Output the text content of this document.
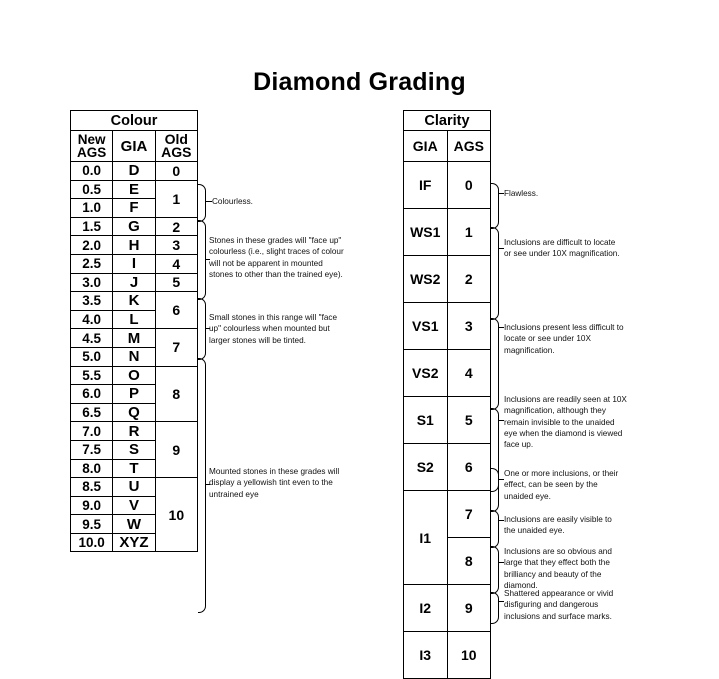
Diamond Grading
Colour		

New
AGS	GIA	Old
AGS

0.0	D	0
0.5	E	1
1.0	F	
1.5	G	2
2.0	H	3
2.5	I	4
3.0	J	5
3.5	K	6
4.0	L	
4.5	M	7
5.0	N	
5.5	O	8
6.0	P	
6.5	Q	
7.0	R	9
7.5	S	
8.0	T	
8.5	U	10
9.0	V	
9.5	W	
10.0	XYZ	
Colourless.
Stones in these grades will "face up" colourless (i.e., slight traces of colour will not be apparent in mounted stones to other than the trained eye).
Small stones in this range will "face up" colourless when mounted but larger stones will be tinted.
Mounted stones in these grades will display a yellowish tint even to the untrained eye
Clarity	
GIA	AGS
IF	0
WS1	1
WS2	2
VS1	3
VS2	4
S1	5
S2	6
I1	7
	8
I2	9
I3	10
Flawless.
Inclusions are difficult to locate or see under 10X magnification.
Inclusions present less difficult to locate or see under 10X magnification.
Inclusions are readily seen at 10X magnification, although they remain invisible to the unaided eye when the diamond is viewed face up.
One or more inclusions, or their effect, can be seen by the unaided eye.
Inclusions are easily visible to the unaided eye.
Inclusions are so obvious and large that they effect both the brilliancy and beauty of the diamond.
Shattered appearance or vivid disfiguring and dangerous inclusions and surface marks.
